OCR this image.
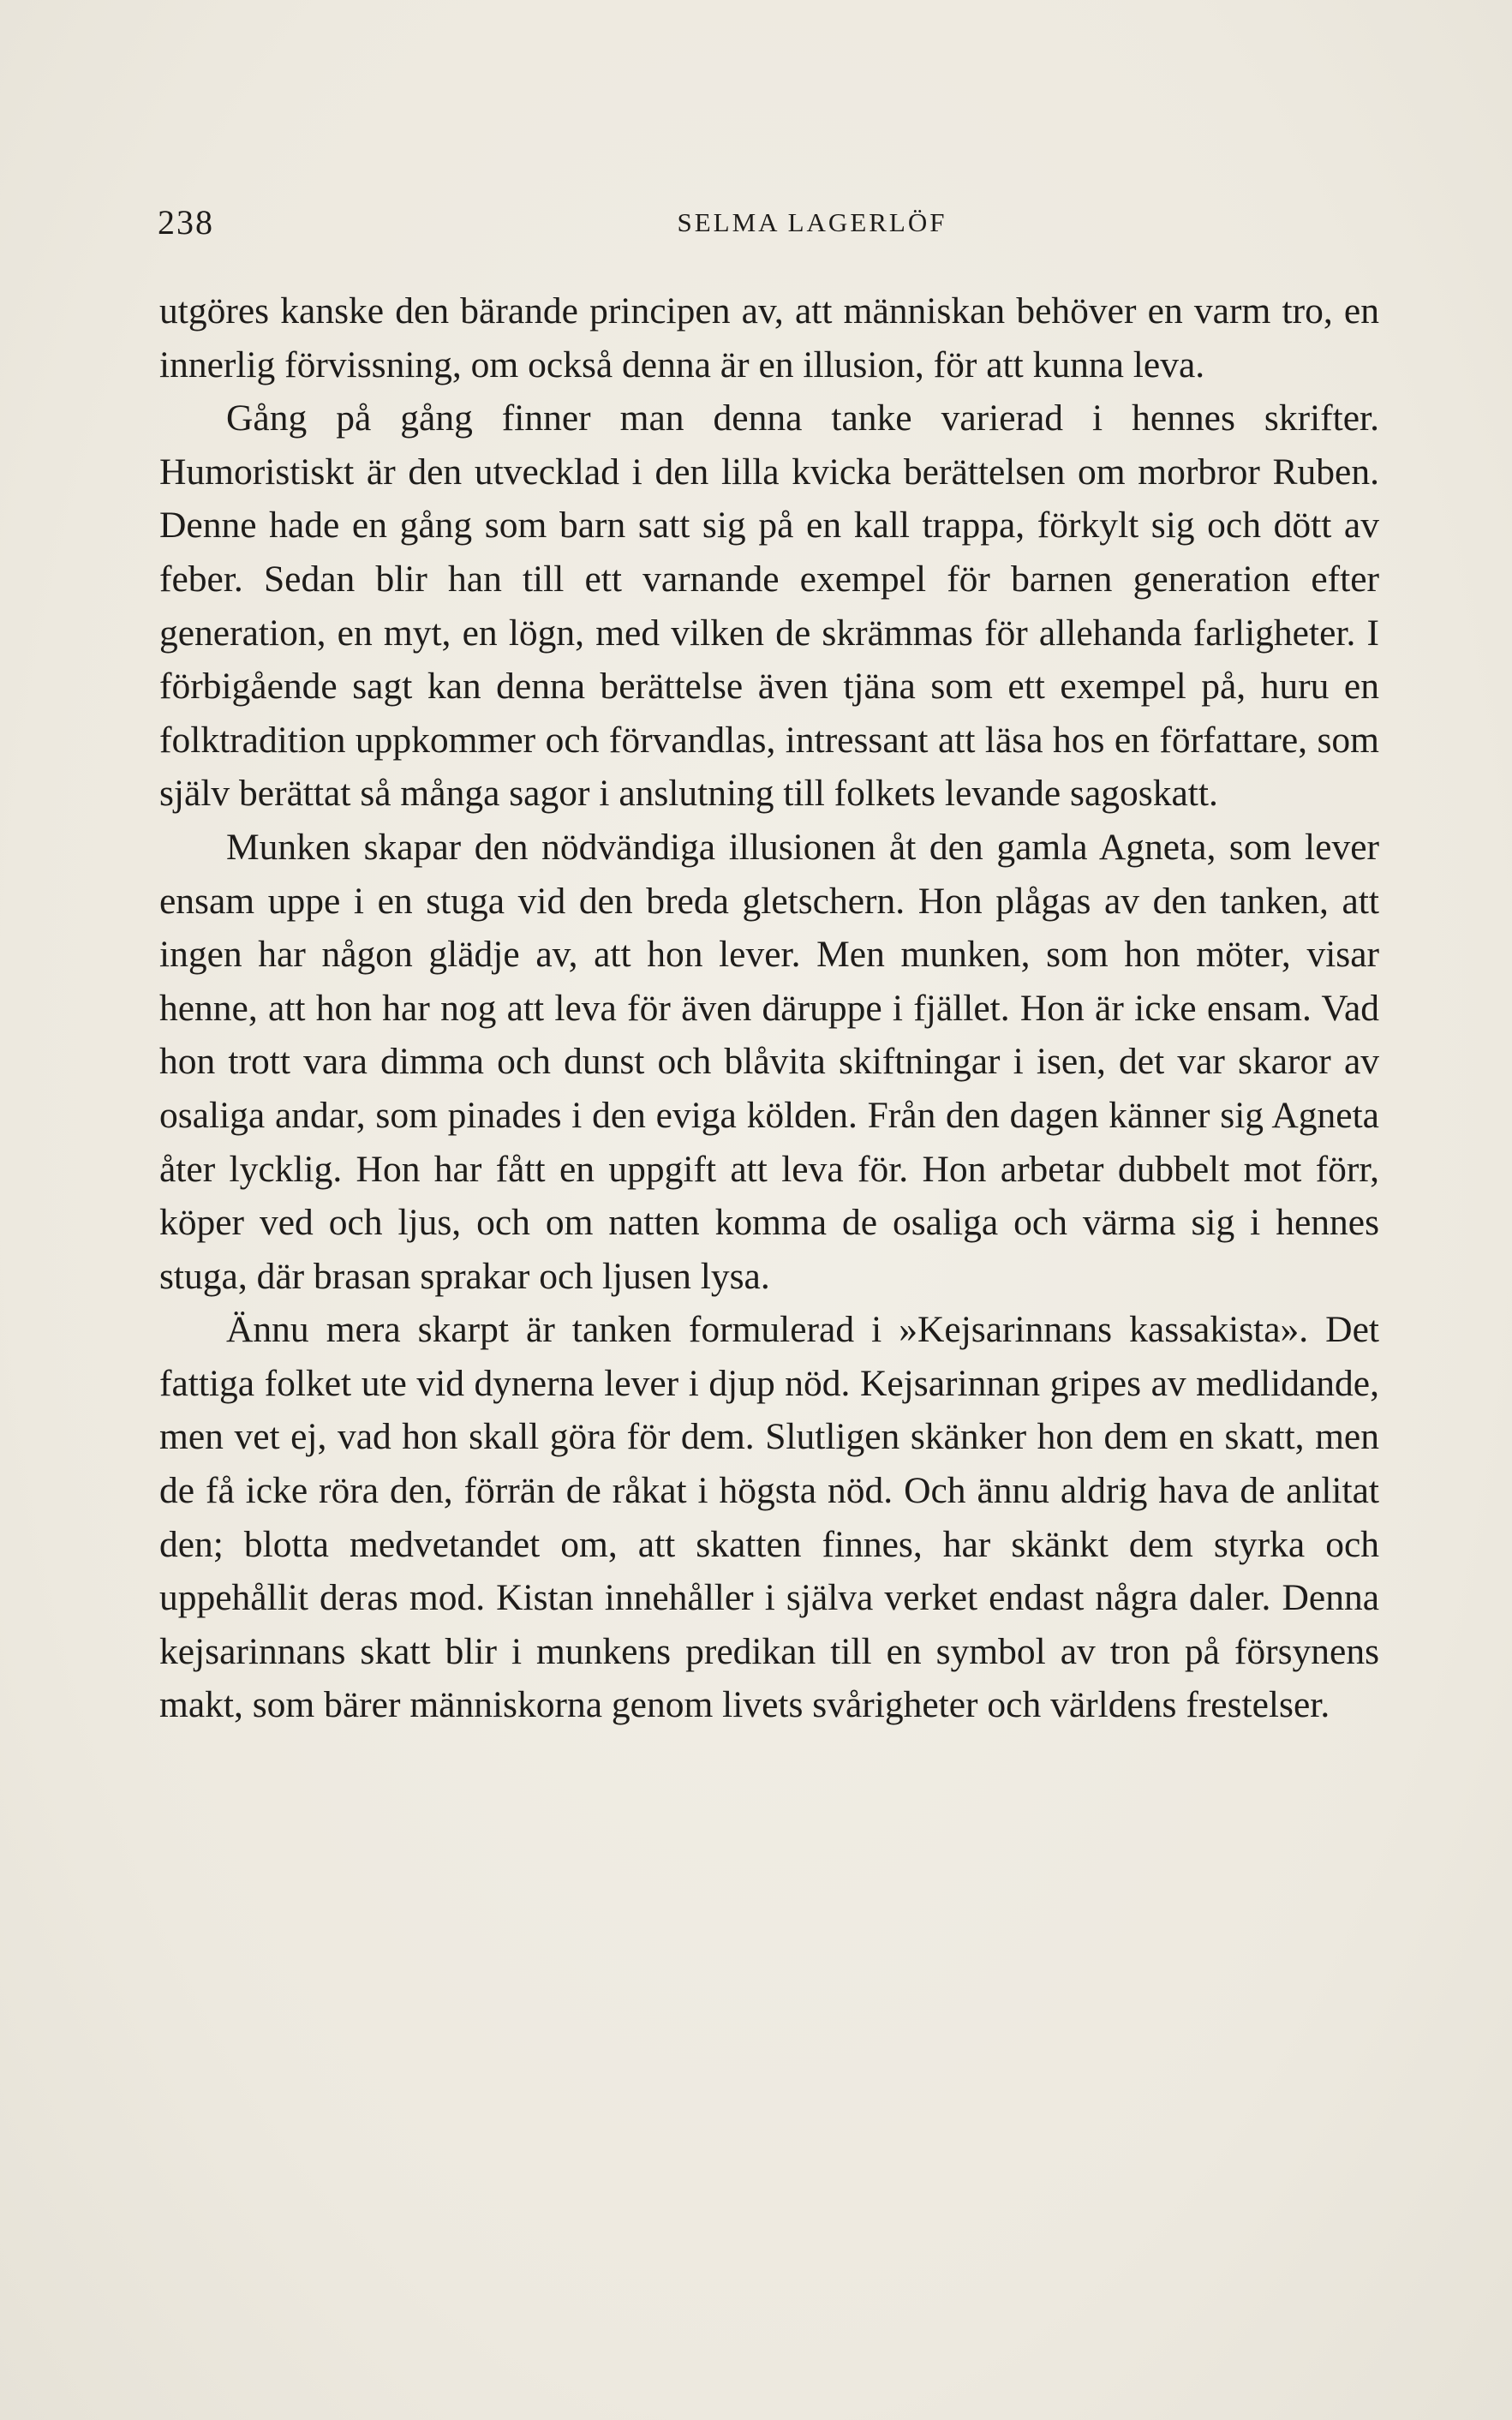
238	SELMA LAGERLÖF

utgöres kanske den bärande principen av, att människan behöver en varm tro, en innerlig förvissning, om också denna är en illusion, för att kunna leva.

Gång på gång finner man denna tanke varierad i hennes skrifter. Humoristiskt är den utvecklad i den lilla kvicka berättelsen om morbror Ruben. Denne hade en gång som barn satt sig på en kall trappa, förkylt sig och dött av feber. Sedan blir han till ett varnande exempel för barnen generation efter generation, en myt, en lögn, med vilken de skrämmas för allehanda farligheter. I förbigående sagt kan denna berättelse även tjäna som ett exempel på, huru en folktradition uppkommer och förvandlas, intressant att läsa hos en författare, som själv berättat så många sagor i anslutning till folkets levande sagoskatt.

Munken skapar den nödvändiga illusionen åt den gamla Agneta, som lever ensam uppe i en stuga vid den breda gletschern. Hon plågas av den tanken, att ingen har någon glädje av, att hon lever. Men munken, som hon möter, visar henne, att hon har nog att leva för även däruppe i fjället. Hon är icke ensam. Vad hon trott vara dimma och dunst och blåvita skiftningar i isen, det var skaror av osaliga andar, som pinades i den eviga kölden. Från den dagen känner sig Agneta åter lycklig. Hon har fått en uppgift att leva för. Hon arbetar dubbelt mot förr, köper ved och ljus, och om natten komma de osaliga och värma sig i hennes stuga, där brasan sprakar och ljusen lysa.

Ännu mera skarpt är tanken formulerad i »Kejsarinnans kassakista». Det fattiga folket ute vid dynerna lever i djup nöd. Kejsarinnan gripes av medlidande, men vet ej, vad hon skall göra för dem. Slutligen skänker hon dem en skatt, men de få icke röra den, förrän de råkat i högsta nöd. Och ännu aldrig hava de anlitat den; blotta medvetandet om, att skatten finnes, har skänkt dem styrka och uppehållit deras mod. Kistan innehåller i själva verket endast några daler. Denna kejsarinnans skatt blir i munkens predikan till en symbol av tron på försynens makt, som bärer människorna genom livets svårigheter och världens frestelser.
